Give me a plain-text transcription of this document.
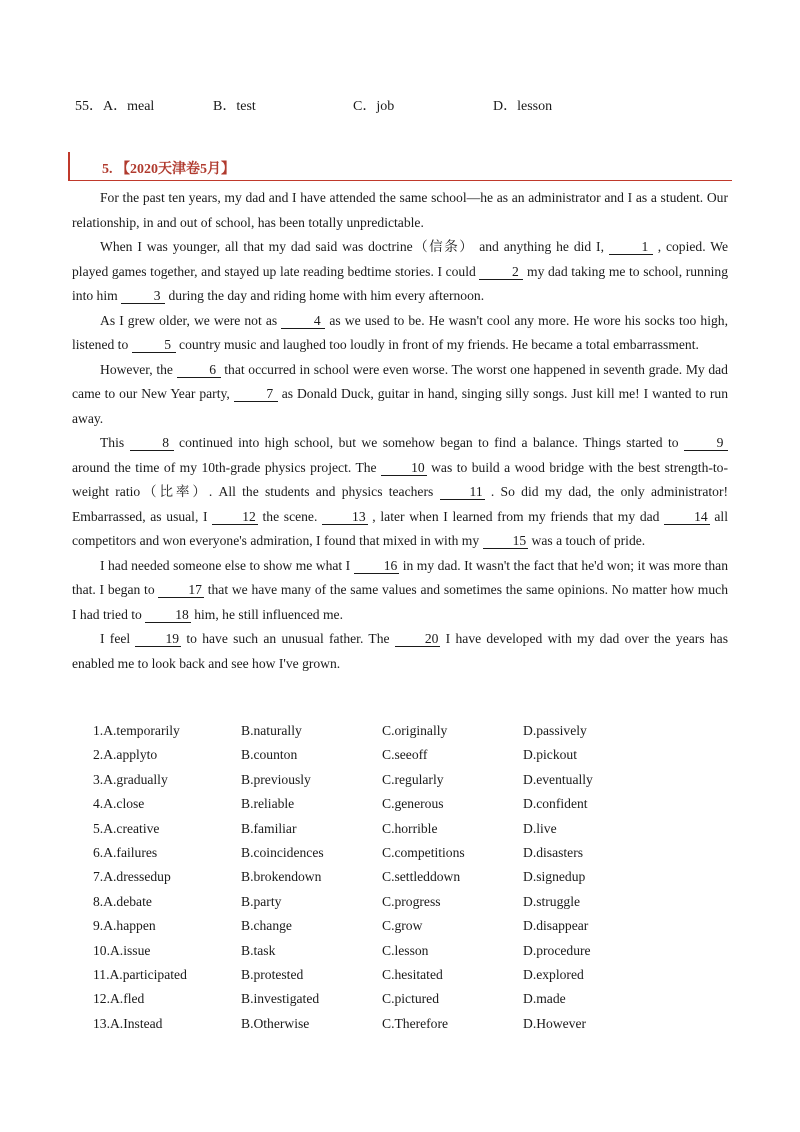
55．A．meal	B．test	C．job	D．lesson
5. 【2020天津卷5月】

For the past ten years, my dad and I have attended the same school—he as an administrator and I as a student. Our relationship, in and out of school, has been totally unpredictable.

When I was younger, all that my dad said was doctrine（信条） and anything he did I, 1 , copied. We played games together, and stayed up late reading bedtime stories. I could 2 my dad taking me to school, running into him 3 during the day and riding home with him every afternoon.

As I grew older, we were not as 4 as we used to be. He wasn't cool any more. He wore his socks too high, listened to 5 country music and laughed too loudly in front of my friends. He became a total embarrassment.

However, the 6 that occurred in school were even worse. The worst one happened in seventh grade. My dad came to our New Year party, 7 as Donald Duck, guitar in hand, singing silly songs. Just kill me! I wanted to run away.

This 8 continued into high school, but we somehow began to find a balance. Things started to 9 around the time of my 10th-grade physics project. The 10 was to build a wood bridge with the best strength-to-weight ratio（比率）. All the students and physics teachers 11 . So did my dad, the only administrator! Embarrassed, as usual, I 12 the scene. 13 , later when I learned from my friends that my dad 14 all competitors and won everyone's admiration, I found that mixed in with my 15 was a touch of pride.

I had needed someone else to show me what I 16 in my dad. It wasn't the fact that he'd won; it was more than that. I began to 17 that we have many of the same values and sometimes the same opinions. No matter how much I had tried to 18 him, he still influenced me.

I feel 19 to have such an unusual father. The 20 I have developed with my dad over the years has enabled me to look back and see how I've grown.

1.A.temporarily	B.naturally	C.originally	D.passively
2.A.applyto	B.counton	C.seeoff	D.pickout
3.A.gradually	B.previously	C.regularly	D.eventually
4.A.close	B.reliable	C.generous	D.confident
5.A.creative	B.familiar	C.horrible	D.live
6.A.failures	B.coincidences	C.competitions	D.disasters
7.A.dressedup	B.brokendown	C.settleddown	D.signedup
8.A.debate	B.party	C.progress	D.struggle
9.A.happen	B.change	C.grow	D.disappear
10.A.issue	B.task	C.lesson	D.procedure
11.A.participated	B.protested	C.hesitated	D.explored
12.A.fled	B.investigated	C.pictured	D.made
13.A.Instead	B.Otherwise	C.Therefore	D.However
